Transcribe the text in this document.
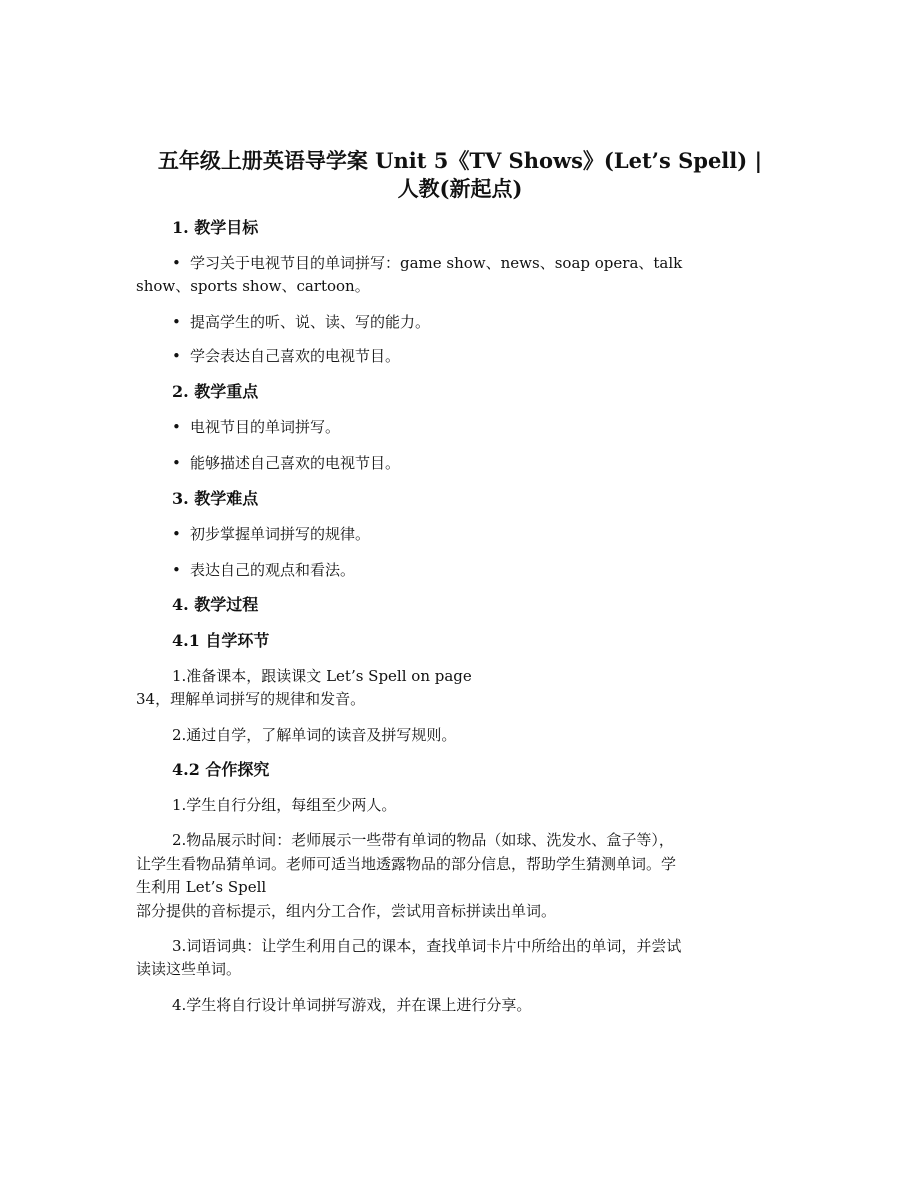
五年级上册英语导学案 Unit 5《TV Shows》(Let’s Spell) |
人教(新起点)
1. 教学目标
• 学习关于电视节目的单词拼写：game show、news、soap opera、talk
show、sports show、cartoon。
• 提高学生的听、说、读、写的能力。
• 学会表达自己喜欢的电视节目。
2. 教学重点
• 电视节目的单词拼写。
• 能够描述自己喜欢的电视节目。
3. 教学难点
• 初步掌握单词拼写的规律。
• 表达自己的观点和看法。
4. 教学过程
4.1 自学环节
1.准备课本，跟读课文 Let’s Spell on page
34，理解单词拼写的规律和发音。
2.通过自学，了解单词的读音及拼写规则。
4.2 合作探究
1.学生自行分组，每组至少两人。
2.物品展示时间：老师展示一些带有单词的物品（如球、洗发水、盒子等），
让学生看物品猜单词。老师可适当地透露物品的部分信息，帮助学生猜测单词。学
生利用 Let’s Spell
部分提供的音标提示，组内分工合作，尝试用音标拼读出单词。
3.词语词典：让学生利用自己的课本，查找单词卡片中所给出的单词，并尝试
读读这些单词。
4.学生将自行设计单词拼写游戏，并在课上进行分享。
